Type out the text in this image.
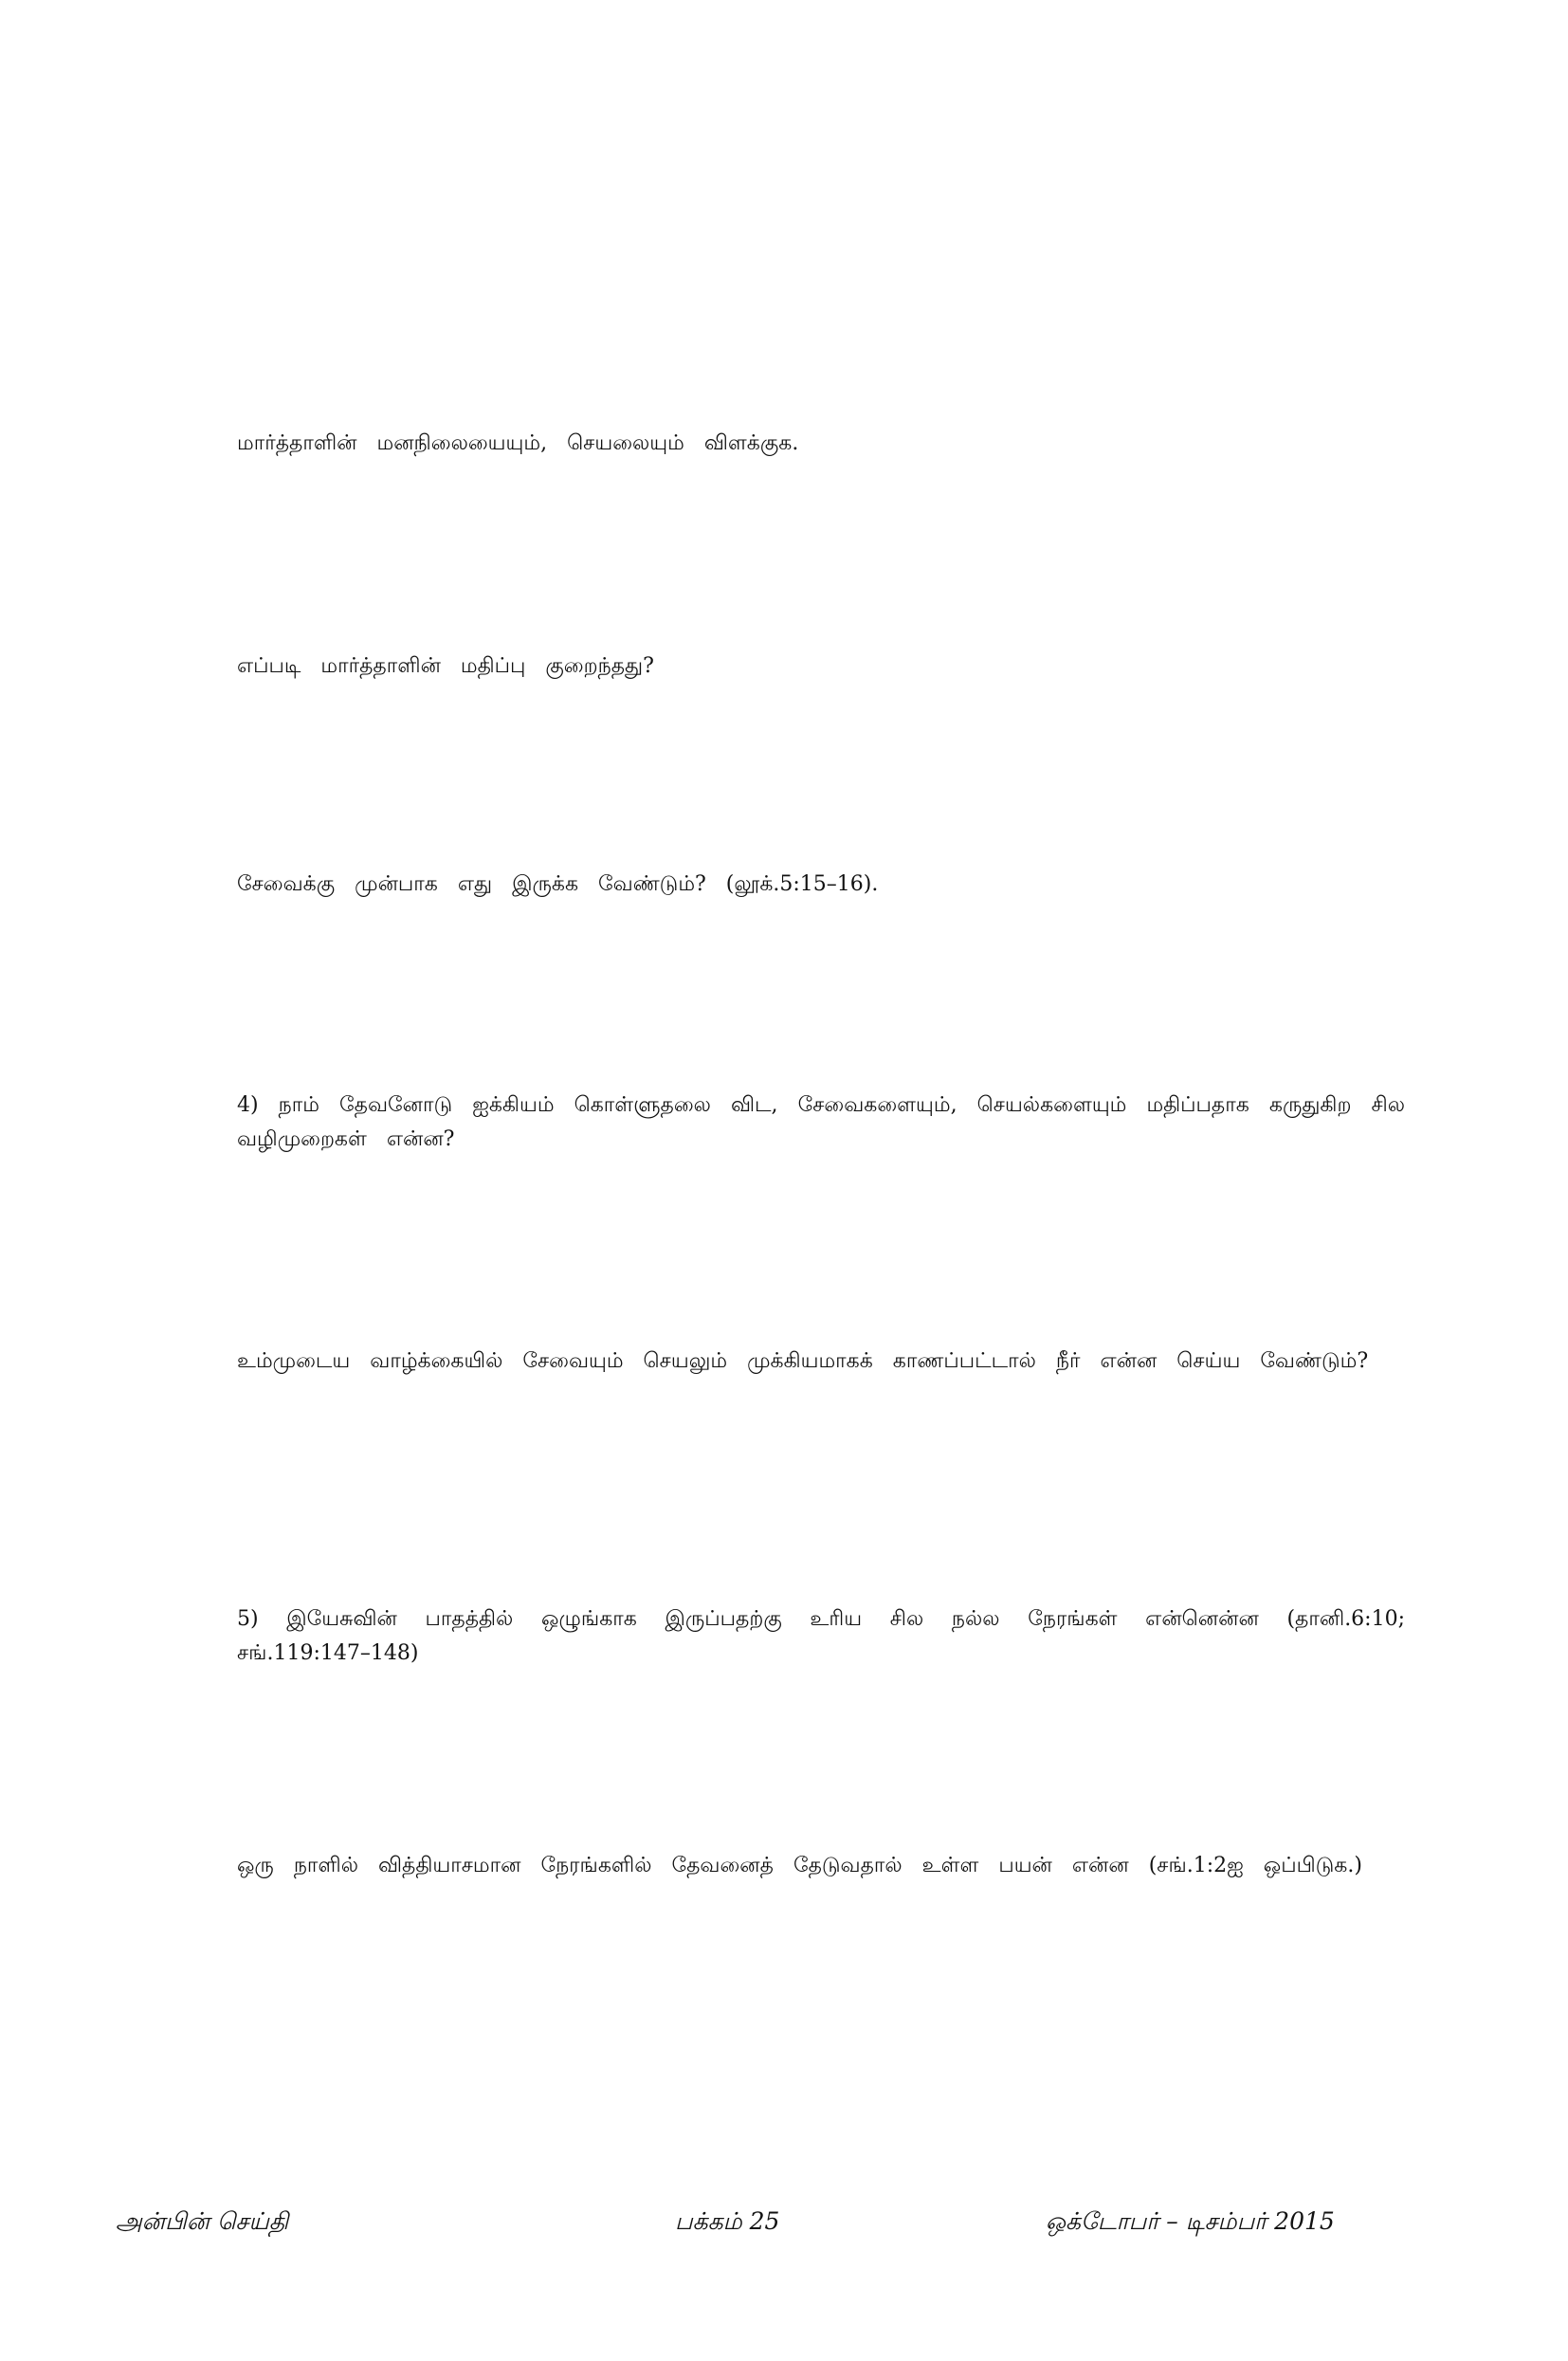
மார்த்தாளின் மனநிலையையும், செயலையும் விளக்குக.

எப்படி மார்த்தாளின் மதிப்பு குறைந்தது?

சேவைக்கு முன்பாக எது இருக்க வேண்டும்? (லூக்.5:15–16).

4) நாம் தேவனோடு ஐக்கியம் கொள்ளுதலை விட, சேவைகளையும், செயல்களையும் மதிப்பதாக கருதுகிற சில வழிமுறைகள் என்ன?

உம்முடைய வாழ்க்கையில் சேவையும் செயலும் முக்கியமாகக் காணப்பட்டால் நீர் என்ன செய்ய வேண்டும்?

5) இயேசுவின் பாதத்தில் ஒழுங்காக இருப்பதற்கு உரிய சில நல்ல நேரங்கள் என்னென்ன (தானி.6:10; சங்.119:147–148)

ஒரு நாளில் வித்தியாசமான நேரங்களில் தேவனைத் தேடுவதால் உள்ள பயன் என்ன (சங்.1:2ஐ ஒப்பிடுக.)

அன்பின் செய்தி	பக்கம் 25	ஒக்டோபர் – டிசம்பர் 2015
